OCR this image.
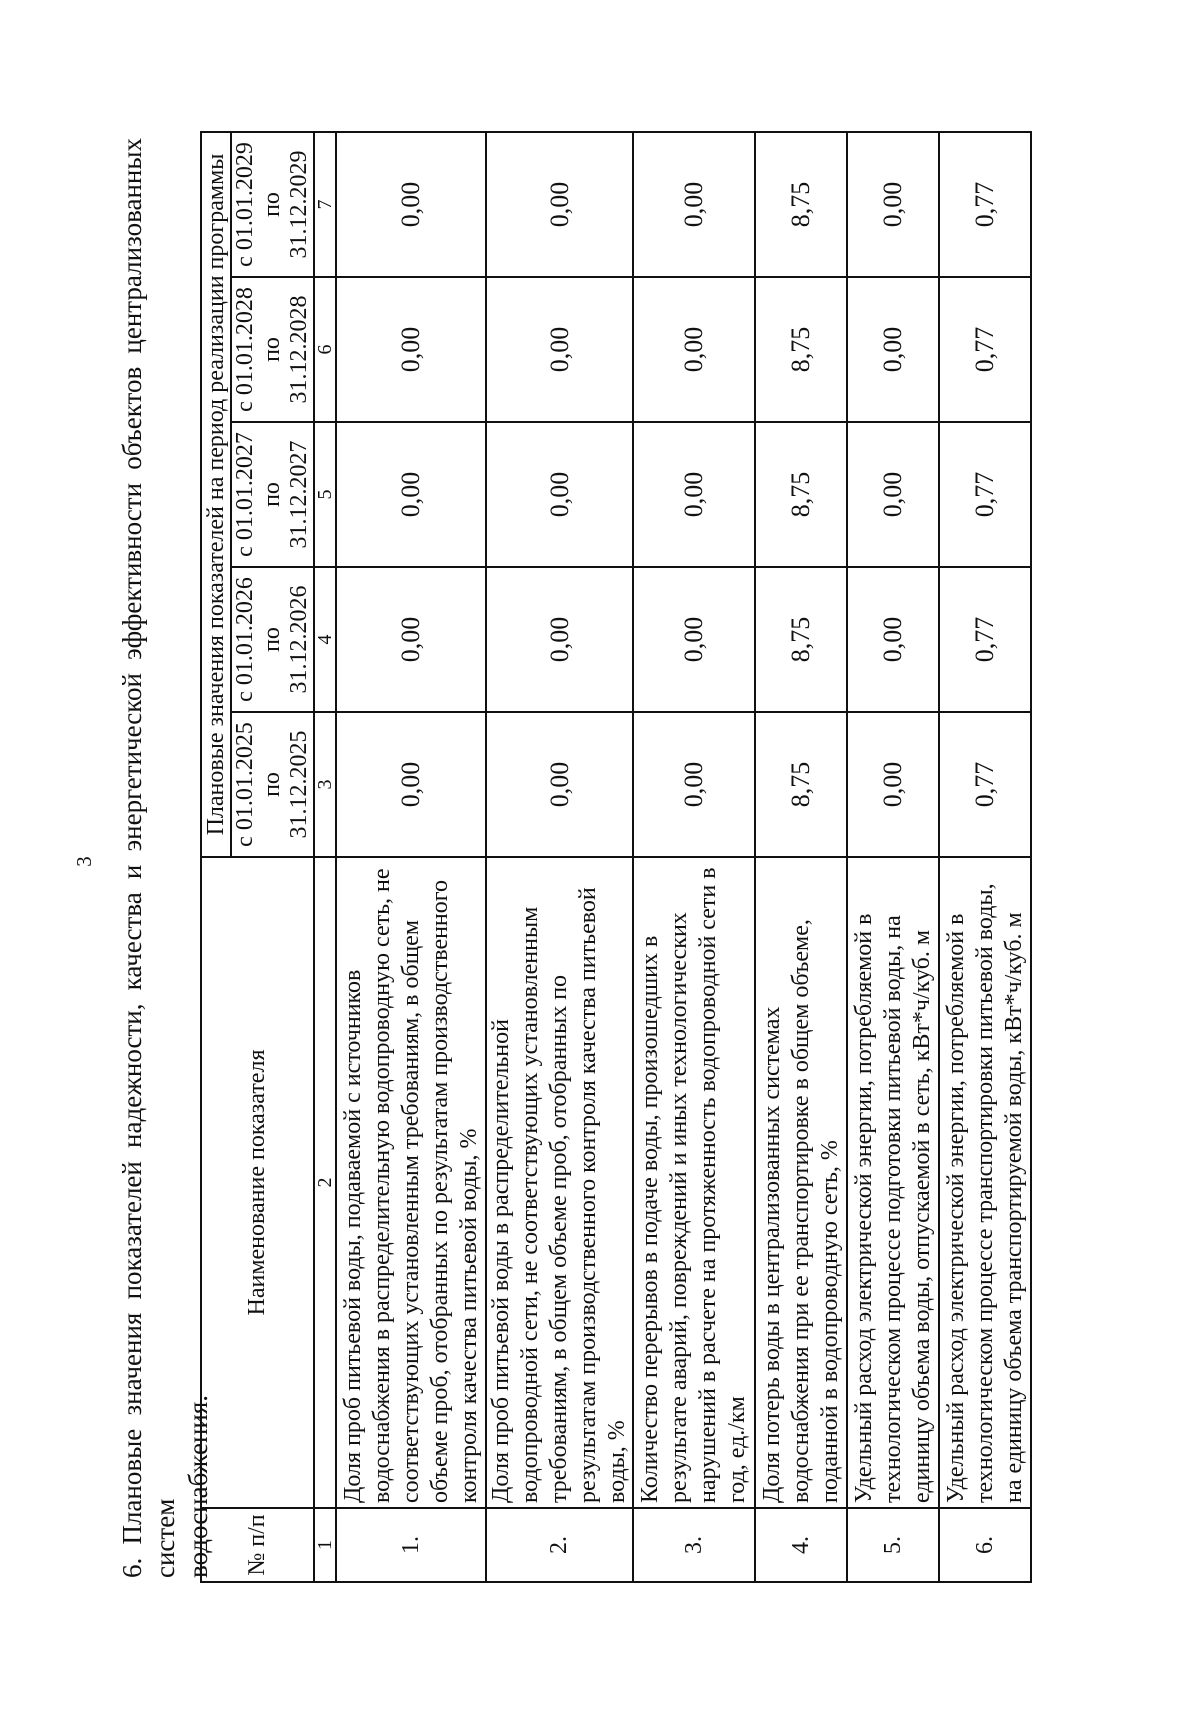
3 6. Плановые значения показателей надежности, качества и энергетической эффективности объектов централизованных систем водоснабжения. № п/п	Наименование показателя	Плановые значения показателей на период реализации программы				
		с 01.01.2025 по 31.12.2025	с 01.01.2026 по 31.12.2026	с 01.01.2027 по 31.12.2027	с 01.01.2028 по 31.12.2028	с 01.01.2029 по 31.12.2029
1	2	3	4	5	6	7
1.	Доля проб питьевой воды, подаваемой с источников водоснабжения в распределительную водопроводную сеть, не соответствующих установленным требованиям, в общем объеме проб, отобранных по результатам производственного контроля качества питьевой воды, %	0,00	0,00	0,00	0,00	0,00
2.	Доля проб питьевой воды в распределительной водопроводной сети, не соответствующих установленным требованиям, в общем объеме проб, отобранных по результатам производственного контроля качества питьевой воды, %	0,00	0,00	0,00	0,00	0,00
3.	Количество перерывов в подаче воды, произошедших в результате аварий, повреждений и иных технологических нарушений в расчете на протяженность водопроводной сети в год, ед./км	0,00	0,00	0,00	0,00	0,00
4.	Доля потерь воды в централизованных системах водоснабжения при ее транспортировке в общем объеме, поданной в водопроводную сеть, %	8,75	8,75	8,75	8,75	8,75
5.	Удельный расход электрической энергии, потребляемой в технологическом процессе подготовки питьевой воды, на единицу объема воды, отпускаемой в сеть, кВт*ч/куб. м	0,00	0,00	0,00	0,00	0,00
6.	Удельный расход электрической энергии, потребляемой в технологическом процессе транспортировки питьевой воды, на единицу объема транспортируемой воды, кВт*ч/куб. м	0,77	0,77	0,77	0,77	0,77
